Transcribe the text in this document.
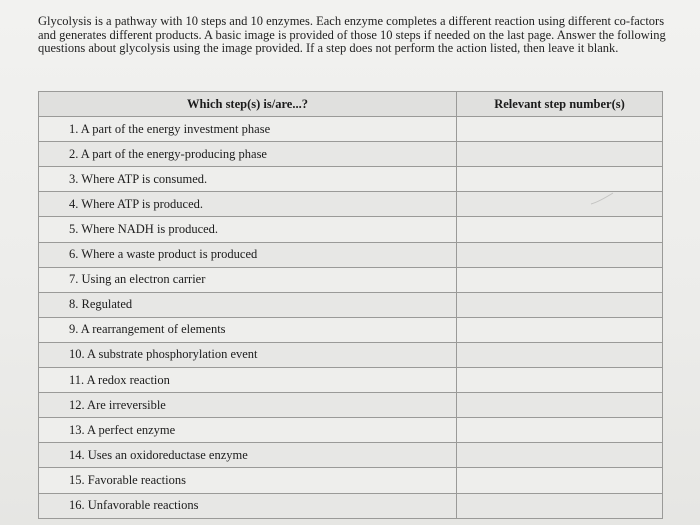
Glycolysis is a pathway with 10 steps and 10 enzymes. Each enzyme completes a different reaction using different co-factors and generates different products. A basic image is provided of those 10 steps if needed on the last page. Answer the following questions about glycolysis using the image provided. If a step does not perform the action listed, then leave it blank.

Which step(s) is/are...?	Relevant step number(s)
1. A part of the energy investment phase	
2. A part of the energy-producing phase	
3. Where ATP is consumed.	
4. Where ATP is produced.	
5. Where NADH is produced.	
6. Where a waste product is produced	
7. Using an electron carrier	
8. Regulated	
9. A rearrangement of elements	
10. A substrate phosphorylation event	
11. A redox reaction	
12. Are irreversible	
13. A perfect enzyme	
14. Uses an oxidoreductase enzyme	
15. Favorable reactions	
16. Unfavorable reactions	
